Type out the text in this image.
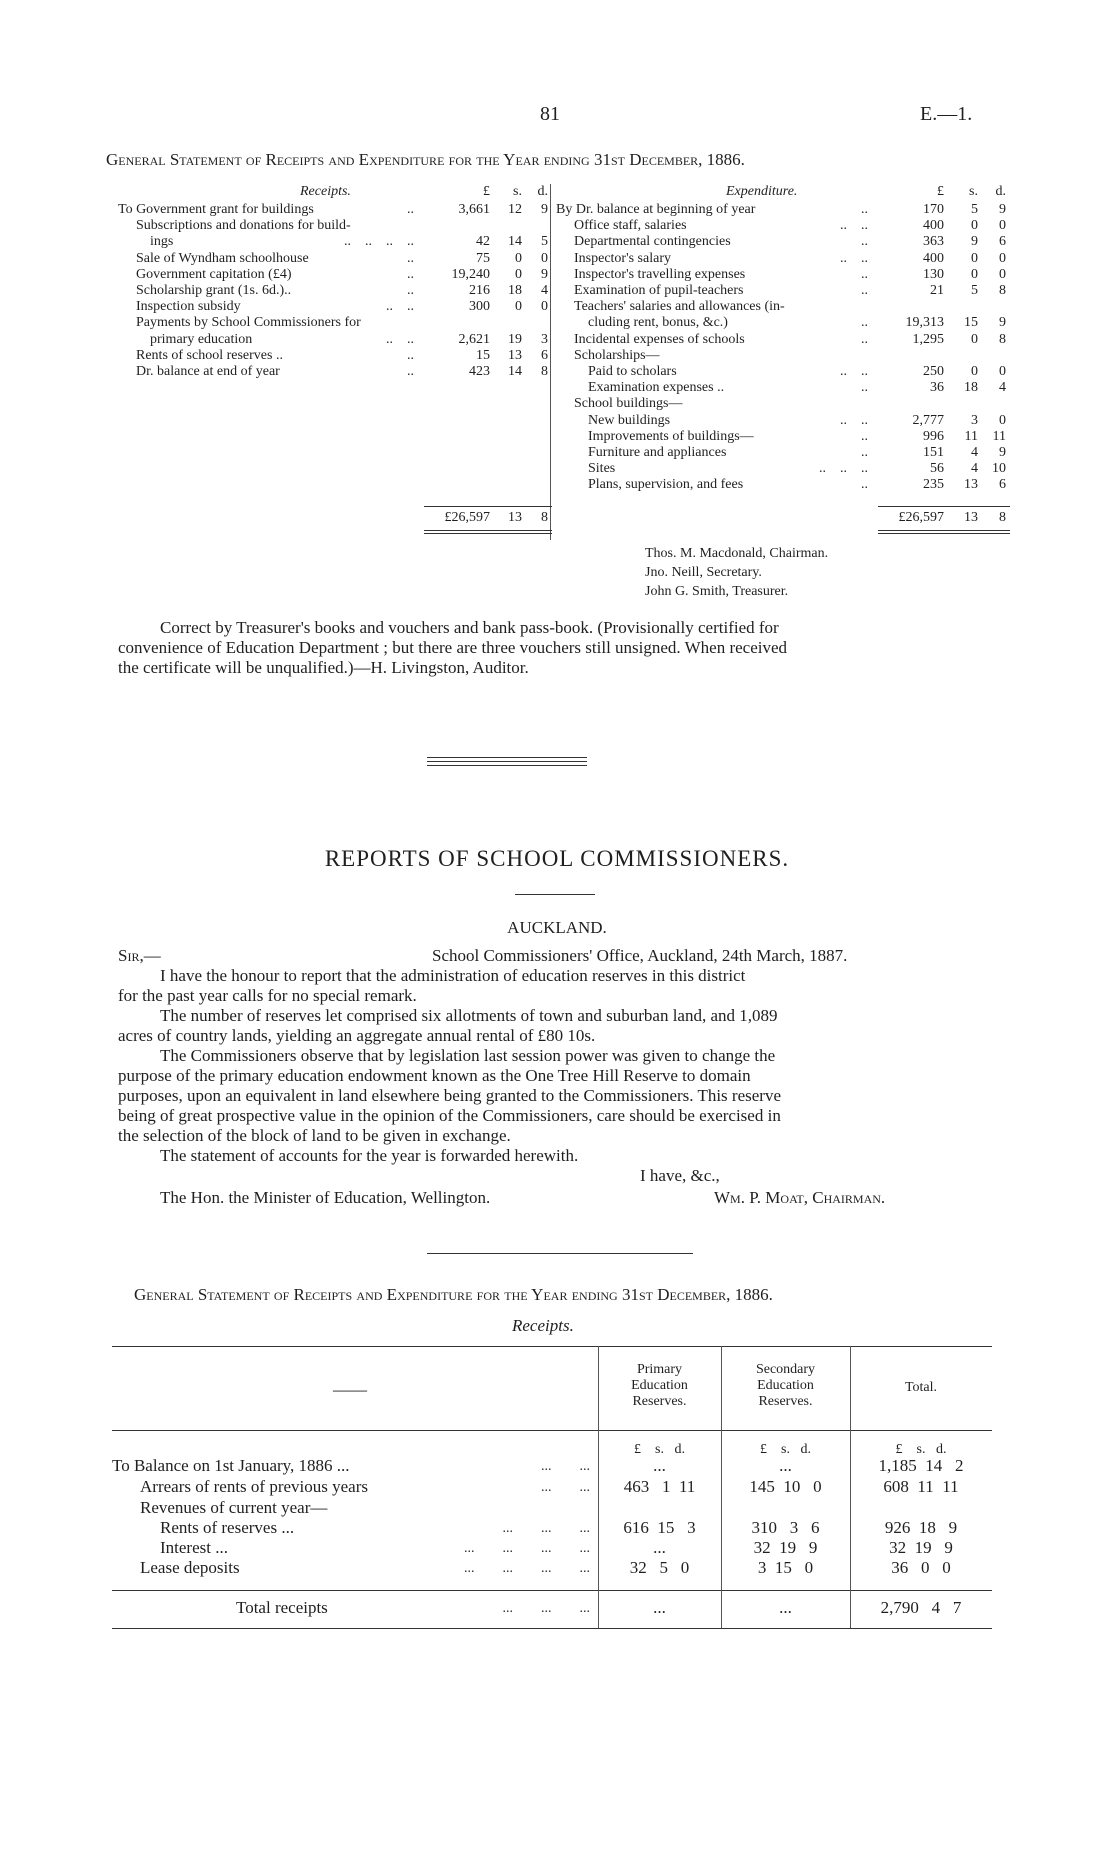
81	E.—1.
General Statement of Receipts and Expenditure for the Year ending 31st December, 1886.
Receipts.	Expenditure.
£	s.	d.
To Government grant for buildings	..	3,661	12	9
Subscriptions and donations for build-
ings	..    ..    ..    ..	42	14	5
Sale of Wyndham schoolhouse	..	75	0	0
Government capitation (£4)	..	19,240	0	9
Scholarship grant (1s. 6d.)..	..	216	18	4
Inspection subsidy	..    ..	300	0	0
Payments by School Commissioners for
primary education	..    ..	2,621	19	3
Rents of school reserves ..	..	15	13	6
Dr. balance at end of year	..	423	14	8
£26,597	13	8
£	s.	d.
By Dr. balance at beginning of year	..	170	5	9
Office staff, salaries	..    ..	400	0	0
Departmental contingencies	..	363	9	6
Inspector's salary	..    ..	400	0	0
Inspector's travelling expenses	..	130	0	0
Examination of pupil-teachers	..	21	5	8
Teachers' salaries and allowances (in-
cluding rent, bonus, &c.)	..	19,313	15	9
Incidental expenses of schools	..	1,295	0	8
Scholarships—
Paid to scholars	..    ..	250	0	0
Examination expenses ..	..	36	18	4
School buildings—
New buildings	..    ..	2,777	3	0
Improvements of buildings—	..	996	11	11
Furniture and appliances	..	151	4	9
Sites	..    ..    ..	56	4	10
Plans, supervision, and fees	..	235	13	6
£26,597	13	8
Thos. M. Macdonald, Chairman.
Jno. Neill, Secretary.
John G. Smith, Treasurer.
Correct by Treasurer's books and vouchers and bank pass-book. (Provisionally certified for
convenience of Education Department ; but there are three vouchers still unsigned. When received
the certificate will be unqualified.)—H. Livingston, Auditor.
REPORTS OF SCHOOL COMMISSIONERS.
AUCKLAND.
Sir,—	School Commissioners' Office, Auckland, 24th March, 1887.
I have the honour to report that the administration of education reserves in this district
for the past year calls for no special remark.
The number of reserves let comprised six allotments of town and suburban land, and 1,089
acres of country lands, yielding an aggregate annual rental of £80 10s.
The Commissioners observe that by legislation last session power was given to change the
purpose of the primary education endowment known as the One Tree Hill Reserve to domain
purposes, upon an equivalent in land elsewhere being granted to the Commissioners. This reserve
being of great prospective value in the opinion of the Commissioners, care should be exercised in
the selection of the block of land to be given in exchange.
The statement of accounts for the year is forwarded herewith.
I have, &c.,
The Hon. the Minister of Education, Wellington.	Wm. P. Moat, Chairman.
General Statement of Receipts and Expenditure for the Year ending 31st December, 1886.
Receipts.
——
Primary
Education
Reserves.
Secondary
Education
Reserves.
Total.
£    s.   d.	£    s.   d.	£    s.   d.
To Balance on 1st January, 1886 ...	...        ...	...	...	1,185  14   2
Arrears of rents of previous years	...        ...	463   1  11	145  10   0	608  11  11
Revenues of current year—
Rents of reserves ...	...        ...        ...	616  15   3	310   3   6	926  18   9
Interest ...	...        ...        ...        ...	...	32  19   9	32  19   9
Lease deposits	...        ...        ...        ...	32   5   0	3  15   0	36   0   0
Total receipts	...        ...        ...	...	...	2,790   4   7
